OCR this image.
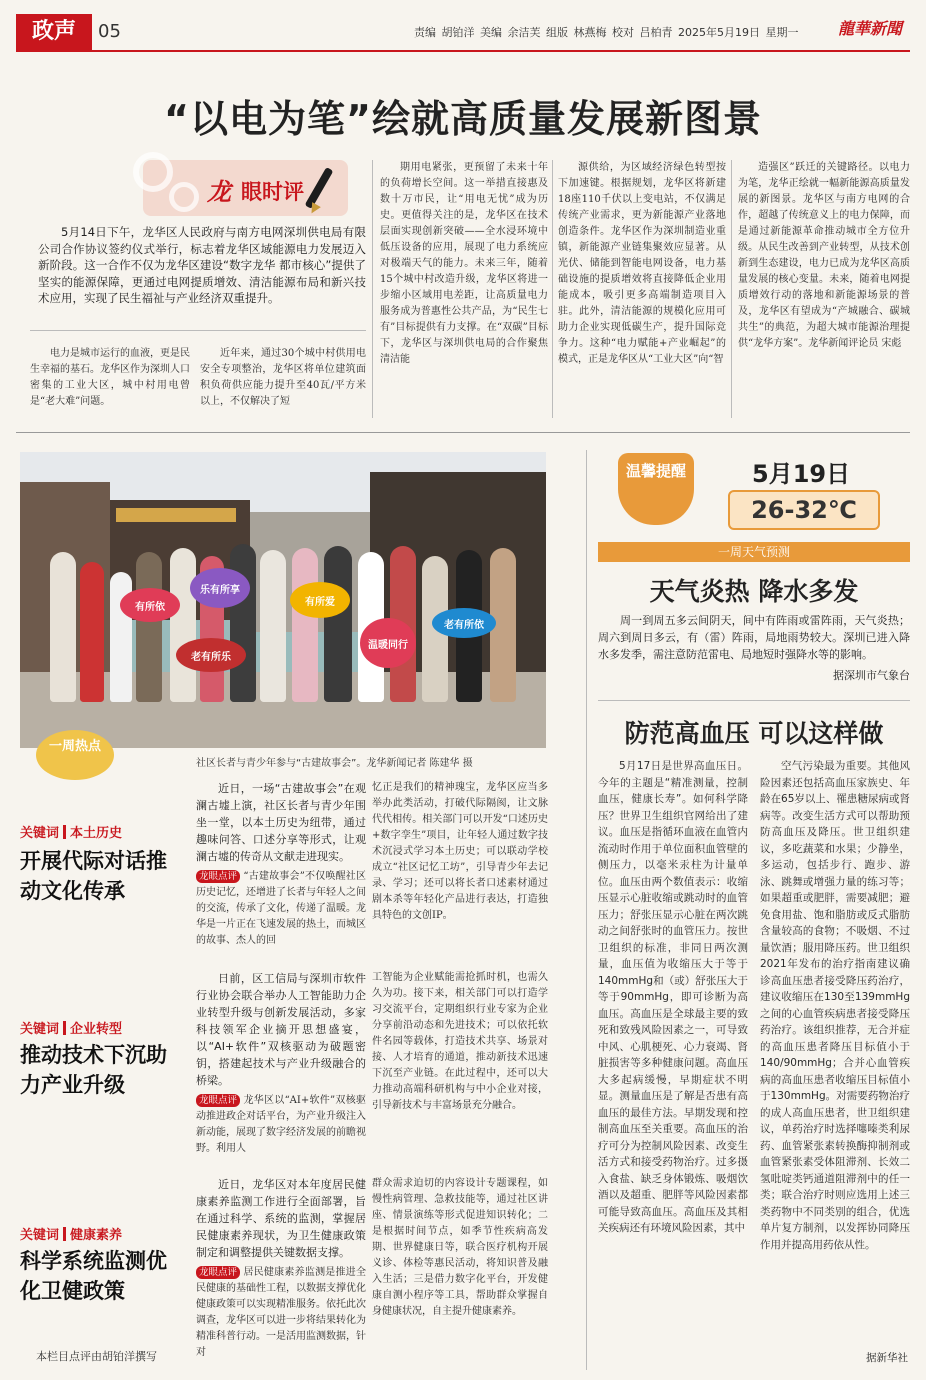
政声	05	责编 胡铂洋 美编 余洁芙 组版 林燕梅 校对 吕柏青 2025年5月19日 星期一 龍華新聞
“以电为笔”绘就高质量发展新图景
龙 眼时评
5月14日下午，龙华区人民政府与南方电网深圳供电局有限公司合作协议签约仪式举行，标志着龙华区域能源电力发展迈入新阶段。这一合作不仅为龙华区建设“数字龙华 都市核心”提供了坚实的能源保障，更通过电网提质增效、清洁能源布局和新兴技术应用，实现了民生福祉与产业经济双重提升。
电力是城市运行的血液，更是民生幸福的基石。龙华区作为深圳人口密集的工业大区，城中村用电曾是“老大难”问题。
近年来，通过30个城中村供用电安全专项整治，龙华区将单位建筑面积负荷供应能力提升至40瓦/平方米以上，不仅解决了短
期用电紧张，更预留了未来十年的负荷增长空间。这一举措直接惠及数十万市民，让“用电无忧”成为历史。更值得关注的是，龙华区在技术层面实现创新突破——全水浸环境中低压设备的应用，展现了电力系统应对极端天气的能力。未来三年，随着15个城中村改造升级，龙华区将进一步缩小区域用电差距，让高质量电力服务成为普惠性公共产品，为“民生七有”目标提供有力支撑。在“双碳”目标下，龙华区与深圳供电局的合作聚焦清洁能
源供给，为区域经济绿色转型按下加速键。根据规划，龙华区将新建18座110千伏以上变电站，不仅满足传统产业需求，更为新能源产业落地创造条件。龙华区作为深圳制造业重镇，新能源产业链集聚效应显著。从光伏、储能到智能电网设备，电力基础设施的提质增效将直接降低企业用能成本，吸引更多高端制造项目入驻。此外，清洁能源的规模化应用可助力企业实现低碳生产，提升国际竞争力。这种“电力赋能+产业崛起”的模式，正是龙华区从“工业大区”向“智
造强区”跃迁的关键路径。以电力为笔，龙华正绘就一幅新能源高质量发展的新图景。龙华区与南方电网的合作，超越了传统意义上的电力保障，而是通过新能源革命推动城市全方位升级。从民生改善到产业转型，从技术创新到生态建设，电力已成为龙华区高质量发展的核心变量。未来，随着电网提质增效行动的落地和新能源场景的普及，龙华区有望成为“产城融合、碳城共生”的典范，为超大城市能源治理提供“龙华方案”。龙华新闻评论员 宋彪
有所依
乐有所享
老有所乐
温暖同行
老有所依
有所爱
社区长者与青少年参与“古建故事会”。龙华新闻记者 陈建华 摄
一周热点
关键词 本土历史
开展代际对话推动文化传承
近日，一场“古建故事会”在观澜古墟上演，社区长者与青少年围坐一堂，以本土历史为纽带，通过趣味问答、口述分享等形式，让观澜古墟的传奇从文献走进现实。
龙眼点评 “古建故事会”不仅唤醒社区历史记忆，还增进了长者与年轻人之间的交流，传承了文化，传递了温暖。龙华是一片正在飞速发展的热土，而城区的故事、杰人的回
忆正是我们的精神瑰宝，龙华区应当多举办此类活动，打破代际隔阂，让文脉代代相传。相关部门可以开发“口述历史+数字孪生”项目，让年轻人通过数字技术沉浸式学习本土历史；可以联动学校成立“社区记忆工坊”，引导青少年去记录、学习；还可以将长者口述素材通过剧本杀等年轻化产品进行表达，打造独具特色的文创IP。
关键词 企业转型
推动技术下沉助力产业升级
日前，区工信局与深圳市软件行业协会联合举办人工智能助力企业转型升级与创新发展活动，多家科技领军企业摘开思想盛宴，以“AI+软件”双核驱动为破题密钥，搭建起技术与产业升级融合的桥梁。
龙眼点评 龙华区以“AI+软件”双核驱动推进政企对话平台，为产业升级注入新动能，展现了数字经济发展的前瞻视野。利用人
工智能为企业赋能需抢抓时机，也需久久为功。接下来，相关部门可以打造学习交流平台，定期组织行业专家为企业分享前沿动态和先进技术；可以依托软件名园等载体，打造技术共享、场景对接、人才培育的通道，推动新技术迅速下沉至产业链。在此过程中，还可以大力推动高端科研机构与中小企业对接，引导新技术与丰富场景充分融合。
关键词 健康素养
科学系统监测优化卫健政策
近日，龙华区对本年度居民健康素养监测工作进行全面部署，旨在通过科学、系统的监测，掌握居民健康素养现状，为卫生健康政策制定和调整提供关键数据支撑。
龙眼点评 居民健康素养监测是推进全民健康的基础性工程，以数据支撑优化健康政策可以实现精准服务。依托此次调查，龙华区可以进一步将结果转化为精准科普行动。一是活用监测数据，针对
群众需求迫切的内容设计专题课程，如慢性病管理、急救技能等，通过社区讲座、情景演练等形式促进知识转化；二是根据时间节点，如季节性疾病高发期、世界健康日等，联合医疗机构开展义诊、体检等惠民活动，将知识普及融入生活；三是借力数字化平台，开发健康自测小程序等工具，帮助群众掌握自身健康状况，自主提升健康素养。
本栏目点评由胡铂洋撰写
温馨提醒	5月19日
26-32℃
一周天气预测
天气炎热 降水多发
周一到周五多云间阴天，间中有阵雨或雷阵雨，天气炎热；周六到周日多云，有（雷）阵雨，局地雨势较大。深圳已进入降水多发季，需注意防范雷电、局地短时强降水等的影响。
据深圳市气象台
防范高血压 可以这样做
5月17日是世界高血压日。今年的主题是“精准测量，控制血压，健康长寿”。如何科学降压？世界卫生组织官网给出了建议。血压是指循环血液在血管内流动时作用于单位面积血管壁的侧压力，以毫米汞柱为计量单位。血压由两个数值表示：收缩压显示心脏收缩或跳动时的血管压力；舒张压显示心脏在两次跳动之间舒张时的血管压力。按世卫组织的标准，非同日两次测量，血压值为收缩压大于等于140mmHg和（或）舒张压大于等于90mmHg，即可诊断为高血压。高血压是全球最主要的致死和致残风险因素之一，可导致中风、心肌梗死、心力衰竭、肾脏损害等多种健康问题。高血压大多起病缓慢，早期症状不明显。测量血压是了解是否患有高血压的最佳方法。早期发现和控制高血压至关重要。高血压的治疗可分为控制风险因素、改变生活方式和接受药物治疗。过多摄入食盐、缺乏身体锻炼、吸烟饮酒以及超重、肥胖等风险因素都可能导致高血压。高血压及其相关疾病还有环境风险因素，其中
空气污染最为重要。其他风险因素还包括高血压家族史、年龄在65岁以上、罹患糖尿病或肾病等。改变生活方式可以帮助预防高血压及降压。世卫组织建议，多吃蔬菜和水果；少静坐，多运动，包括步行、跑步、游泳、跳舞或增强力量的练习等；如果超重或肥胖，需要减肥；避免食用盐、饱和脂肪或反式脂肪含量较高的食物；不吸烟、不过量饮酒；服用降压药。世卫组织2021年发布的治疗指南建议确诊高血压患者接受降压药治疗，建议收缩压在130至139mmHg之间的心血管疾病患者接受降压药治疗。该组织推荐，无合并症的高血压患者降压目标值小于140/90mmHg；合并心血管疾病的高血压患者收缩压目标值小于130mmHg。对需要药物治疗的成人高血压患者，世卫组织建议，单药治疗时选择噻嗪类利尿药、血管紧张素转换酶抑制剂或血管紧张素受体阻滞剂、长效二氢吡啶类钙通道阻滞剂中的任一类；联合治疗时则应选用上述三类药物中不同类别的组合，优选单片复方制剂，以发挥协同降压作用并提高用药依从性。
据新华社
